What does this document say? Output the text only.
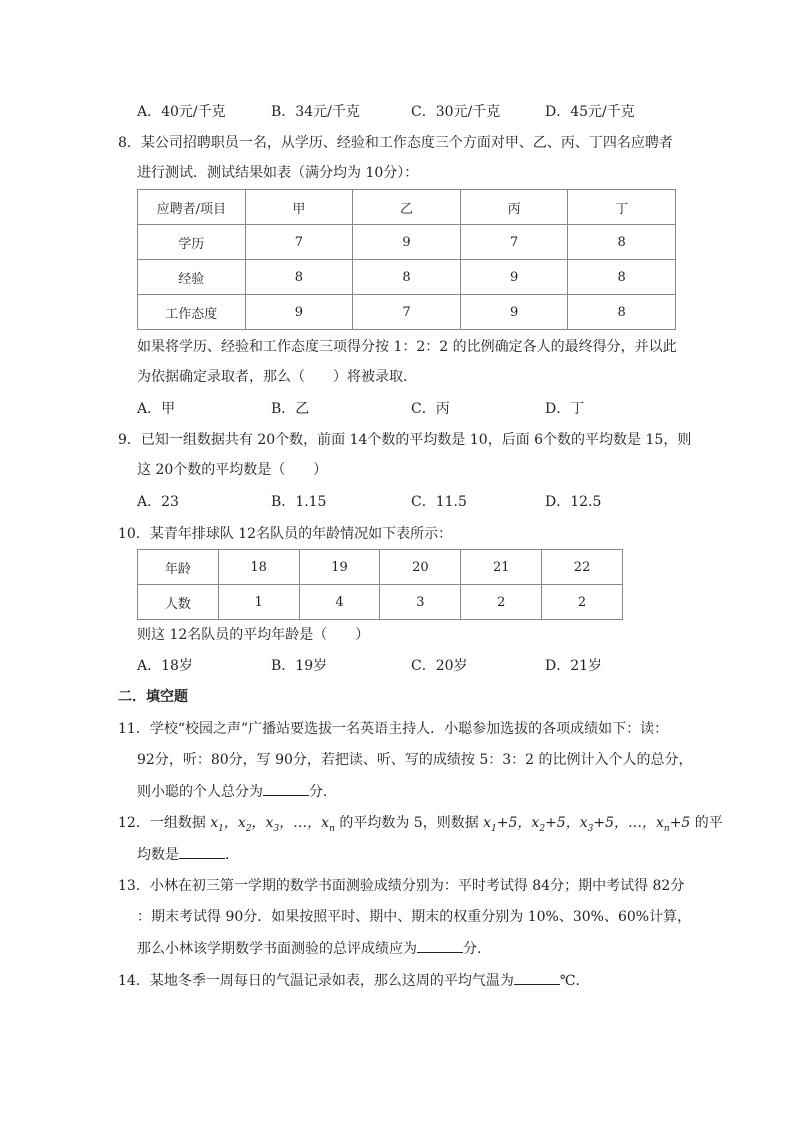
A．40元/千克	B．34元/千克	C．30元/千克	D．45元/千克
8．某公司招聘职员一名，从学历、经验和工作态度三个方面对甲、乙、丙、丁四名应聘者
进行测试．测试结果如表（满分均为 10分）：
应聘者/项目	甲	乙	丙	丁
学历	7	9	7	8
经验	8	8	9	8
工作态度	9	7	9	8
如果将学历、经验和工作态度三项得分按 1：2：2 的比例确定各人的最终得分，并以此
为依据确定录取者，那么（　　）将被录取．
A．甲	B．乙	C．丙	D．丁
9．已知一组数据共有 20个数，前面 14个数的平均数是 10，后面 6个数的平均数是 15，则
这 20个数的平均数是（　　）
A．23	B．1.15	C．11.5	D．12.5
10．某青年排球队 12名队员的年龄情况如下表所示：
年龄	18	19	20	21	22
人数	1	4	3	2	2
则这 12名队员的平均年龄是（　　）
A．18岁	B．19岁	C．20岁	D．21岁
二．填空题
11．学校“校园之声”广播站要选拔一名英语主持人．小聪参加选拔的各项成绩如下：读：
92分，听：80分，写 90分，若把读、听、写的成绩按 5：3：2 的比例计入个人的总分，
则小聪的个人总分为	分．
12．一组数据 $x_1$，$x_2$，$x_3$，…，$x_n$ 的平均数为 5，则数据 $x_1+5$，$x_2+5$，$x_3+5$，…，$x_n+5$ 的平
均数是	．
13．小林在初三第一学期的数学书面测验成绩分别为：平时考试得 84分；期中考试得 82分
：期末考试得 90分．如果按照平时、期中、期末的权重分别为 10%、30%、60%计算，
那么小林该学期数学书面测验的总评成绩应为	分．
14．某地冬季一周每日的气温记录如表，那么这周的平均气温为	℃．
